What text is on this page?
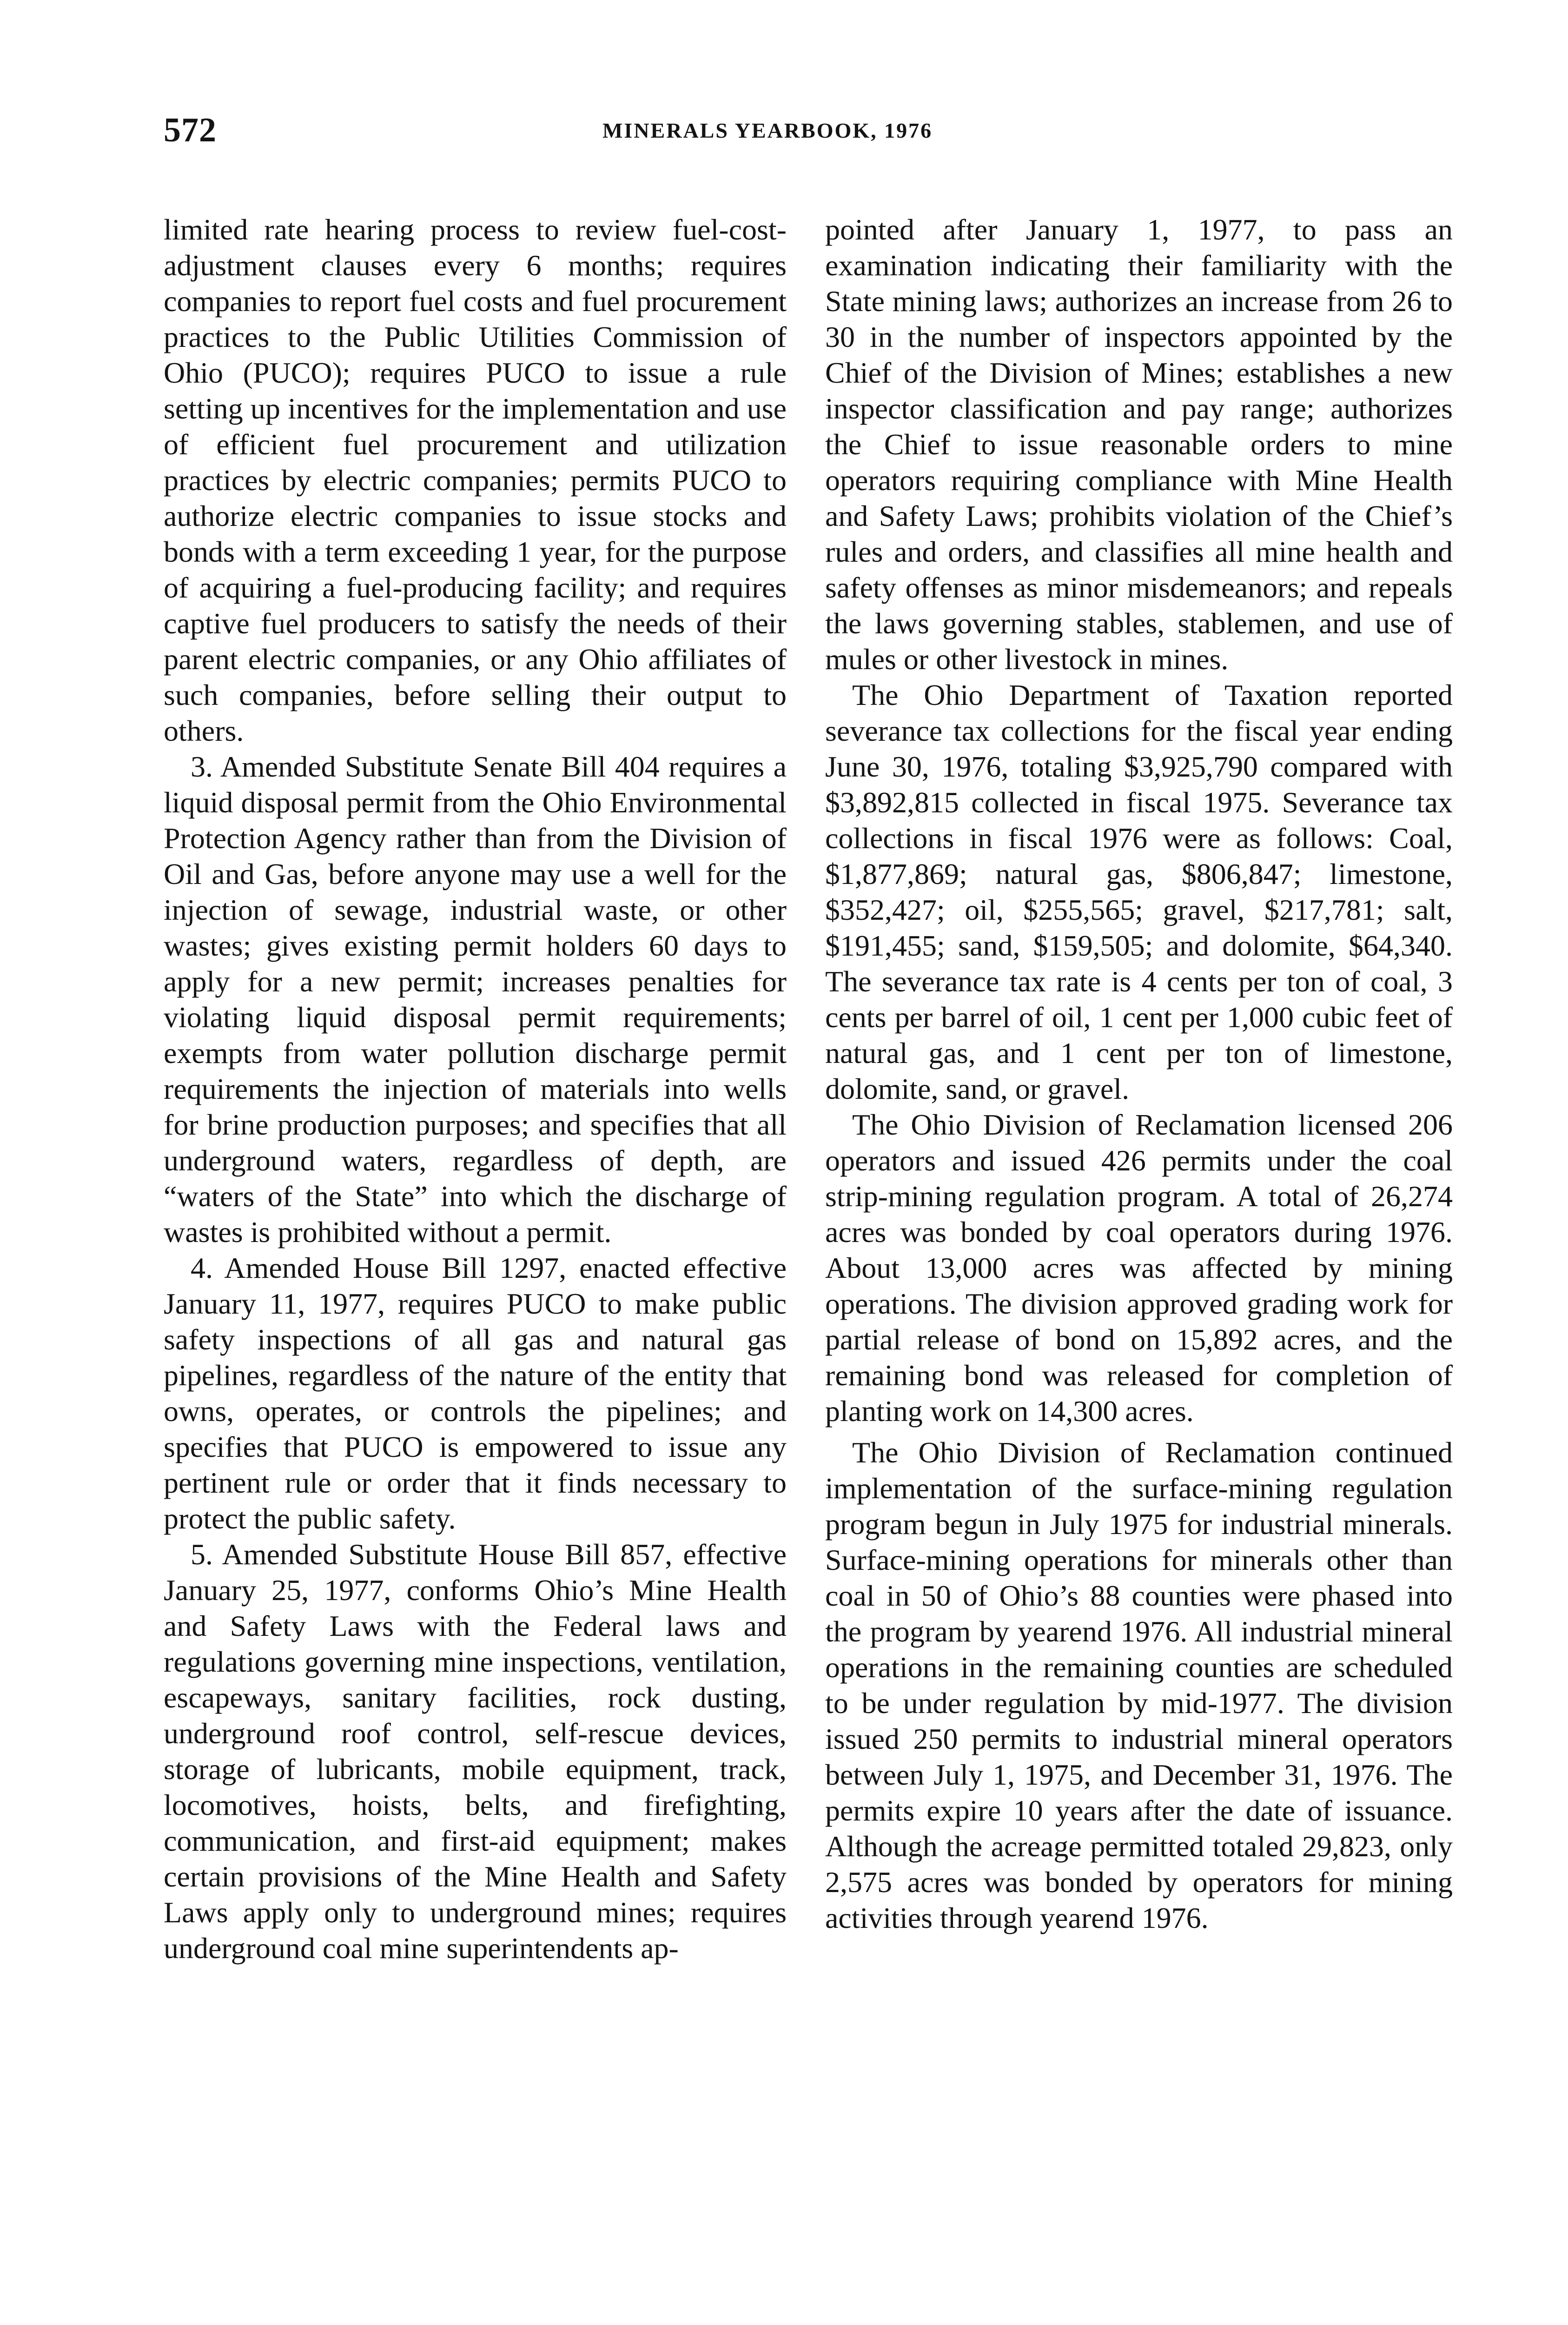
572	MINERALS YEARBOOK, 1976

limited rate hearing process to review fuel-cost-adjustment clauses every 6 months; requires companies to report fuel costs and fuel procurement practices to the Public Utilities Commission of Ohio (PUCO); requires PUCO to issue a rule setting up incentives for the implementation and use of efficient fuel procurement and utilization practices by electric companies; permits PUCO to authorize electric companies to issue stocks and bonds with a term exceeding 1 year, for the purpose of acquiring a fuel-producing facility; and requires captive fuel producers to satisfy the needs of their parent electric companies, or any Ohio affiliates of such companies, before selling their output to others.

3. Amended Substitute Senate Bill 404 requires a liquid disposal permit from the Ohio Environmental Protection Agency rather than from the Division of Oil and Gas, before anyone may use a well for the injection of sewage, industrial waste, or other wastes; gives existing permit holders 60 days to apply for a new permit; increases penalties for violating liquid disposal permit requirements; exempts from water pollution discharge permit requirements the injection of materials into wells for brine production purposes; and specifies that all underground waters, regardless of depth, are “waters of the State” into which the discharge of wastes is prohibited without a permit.

4. Amended House Bill 1297, enacted effective January 11, 1977, requires PUCO to make public safety inspections of all gas and natural gas pipelines, regardless of the nature of the entity that owns, operates, or controls the pipelines; and specifies that PUCO is empowered to issue any pertinent rule or order that it finds necessary to protect the public safety.

5. Amended Substitute House Bill 857, effective January 25, 1977, conforms Ohio’s Mine Health and Safety Laws with the Federal laws and regulations governing mine inspections, ventilation, escapeways, sanitary facilities, rock dusting, underground roof control, self-rescue devices, storage of lubricants, mobile equipment, track, locomotives, hoists, belts, and firefighting, communication, and first-aid equipment; makes certain provisions of the Mine Health and Safety Laws apply only to underground mines; requires underground coal mine superintendents ap-

pointed after January 1, 1977, to pass an examination indicating their familiarity with the State mining laws; authorizes an increase from 26 to 30 in the number of inspectors appointed by the Chief of the Division of Mines; establishes a new inspector classification and pay range; authorizes the Chief to issue reasonable orders to mine operators requiring compliance with Mine Health and Safety Laws; prohibits violation of the Chief’s rules and orders, and classifies all mine health and safety offenses as minor misdemeanors; and repeals the laws governing stables, stablemen, and use of mules or other livestock in mines.

The Ohio Department of Taxation reported severance tax collections for the fiscal year ending June 30, 1976, totaling $3,925,790 compared with $3,892,815 collected in fiscal 1975. Severance tax collections in fiscal 1976 were as follows: Coal, $1,877,869; natural gas, $806,847; limestone, $352,427; oil, $255,565; gravel, $217,781; salt, $191,455; sand, $159,505; and dolomite, $64,340. The severance tax rate is 4 cents per ton of coal, 3 cents per barrel of oil, 1 cent per 1,000 cubic feet of natural gas, and 1 cent per ton of limestone, dolomite, sand, or gravel.

The Ohio Division of Reclamation licensed 206 operators and issued 426 permits under the coal strip-mining regulation program. A total of 26,274 acres was bonded by coal operators during 1976. About 13,000 acres was affected by mining operations. The division approved grading work for partial release of bond on 15,892 acres, and the remaining bond was released for completion of planting work on 14,300 acres.

The Ohio Division of Reclamation continued implementation of the surface-mining regulation program begun in July 1975 for industrial minerals. Surface-mining operations for minerals other than coal in 50 of Ohio’s 88 counties were phased into the program by yearend 1976. All industrial mineral operations in the remaining counties are scheduled to be under regulation by mid-1977. The division issued 250 permits to industrial mineral operators between July 1, 1975, and December 31, 1976. The permits expire 10 years after the date of issuance. Although the acreage permitted totaled 29,823, only 2,575 acres was bonded by operators for mining activities through yearend 1976.
